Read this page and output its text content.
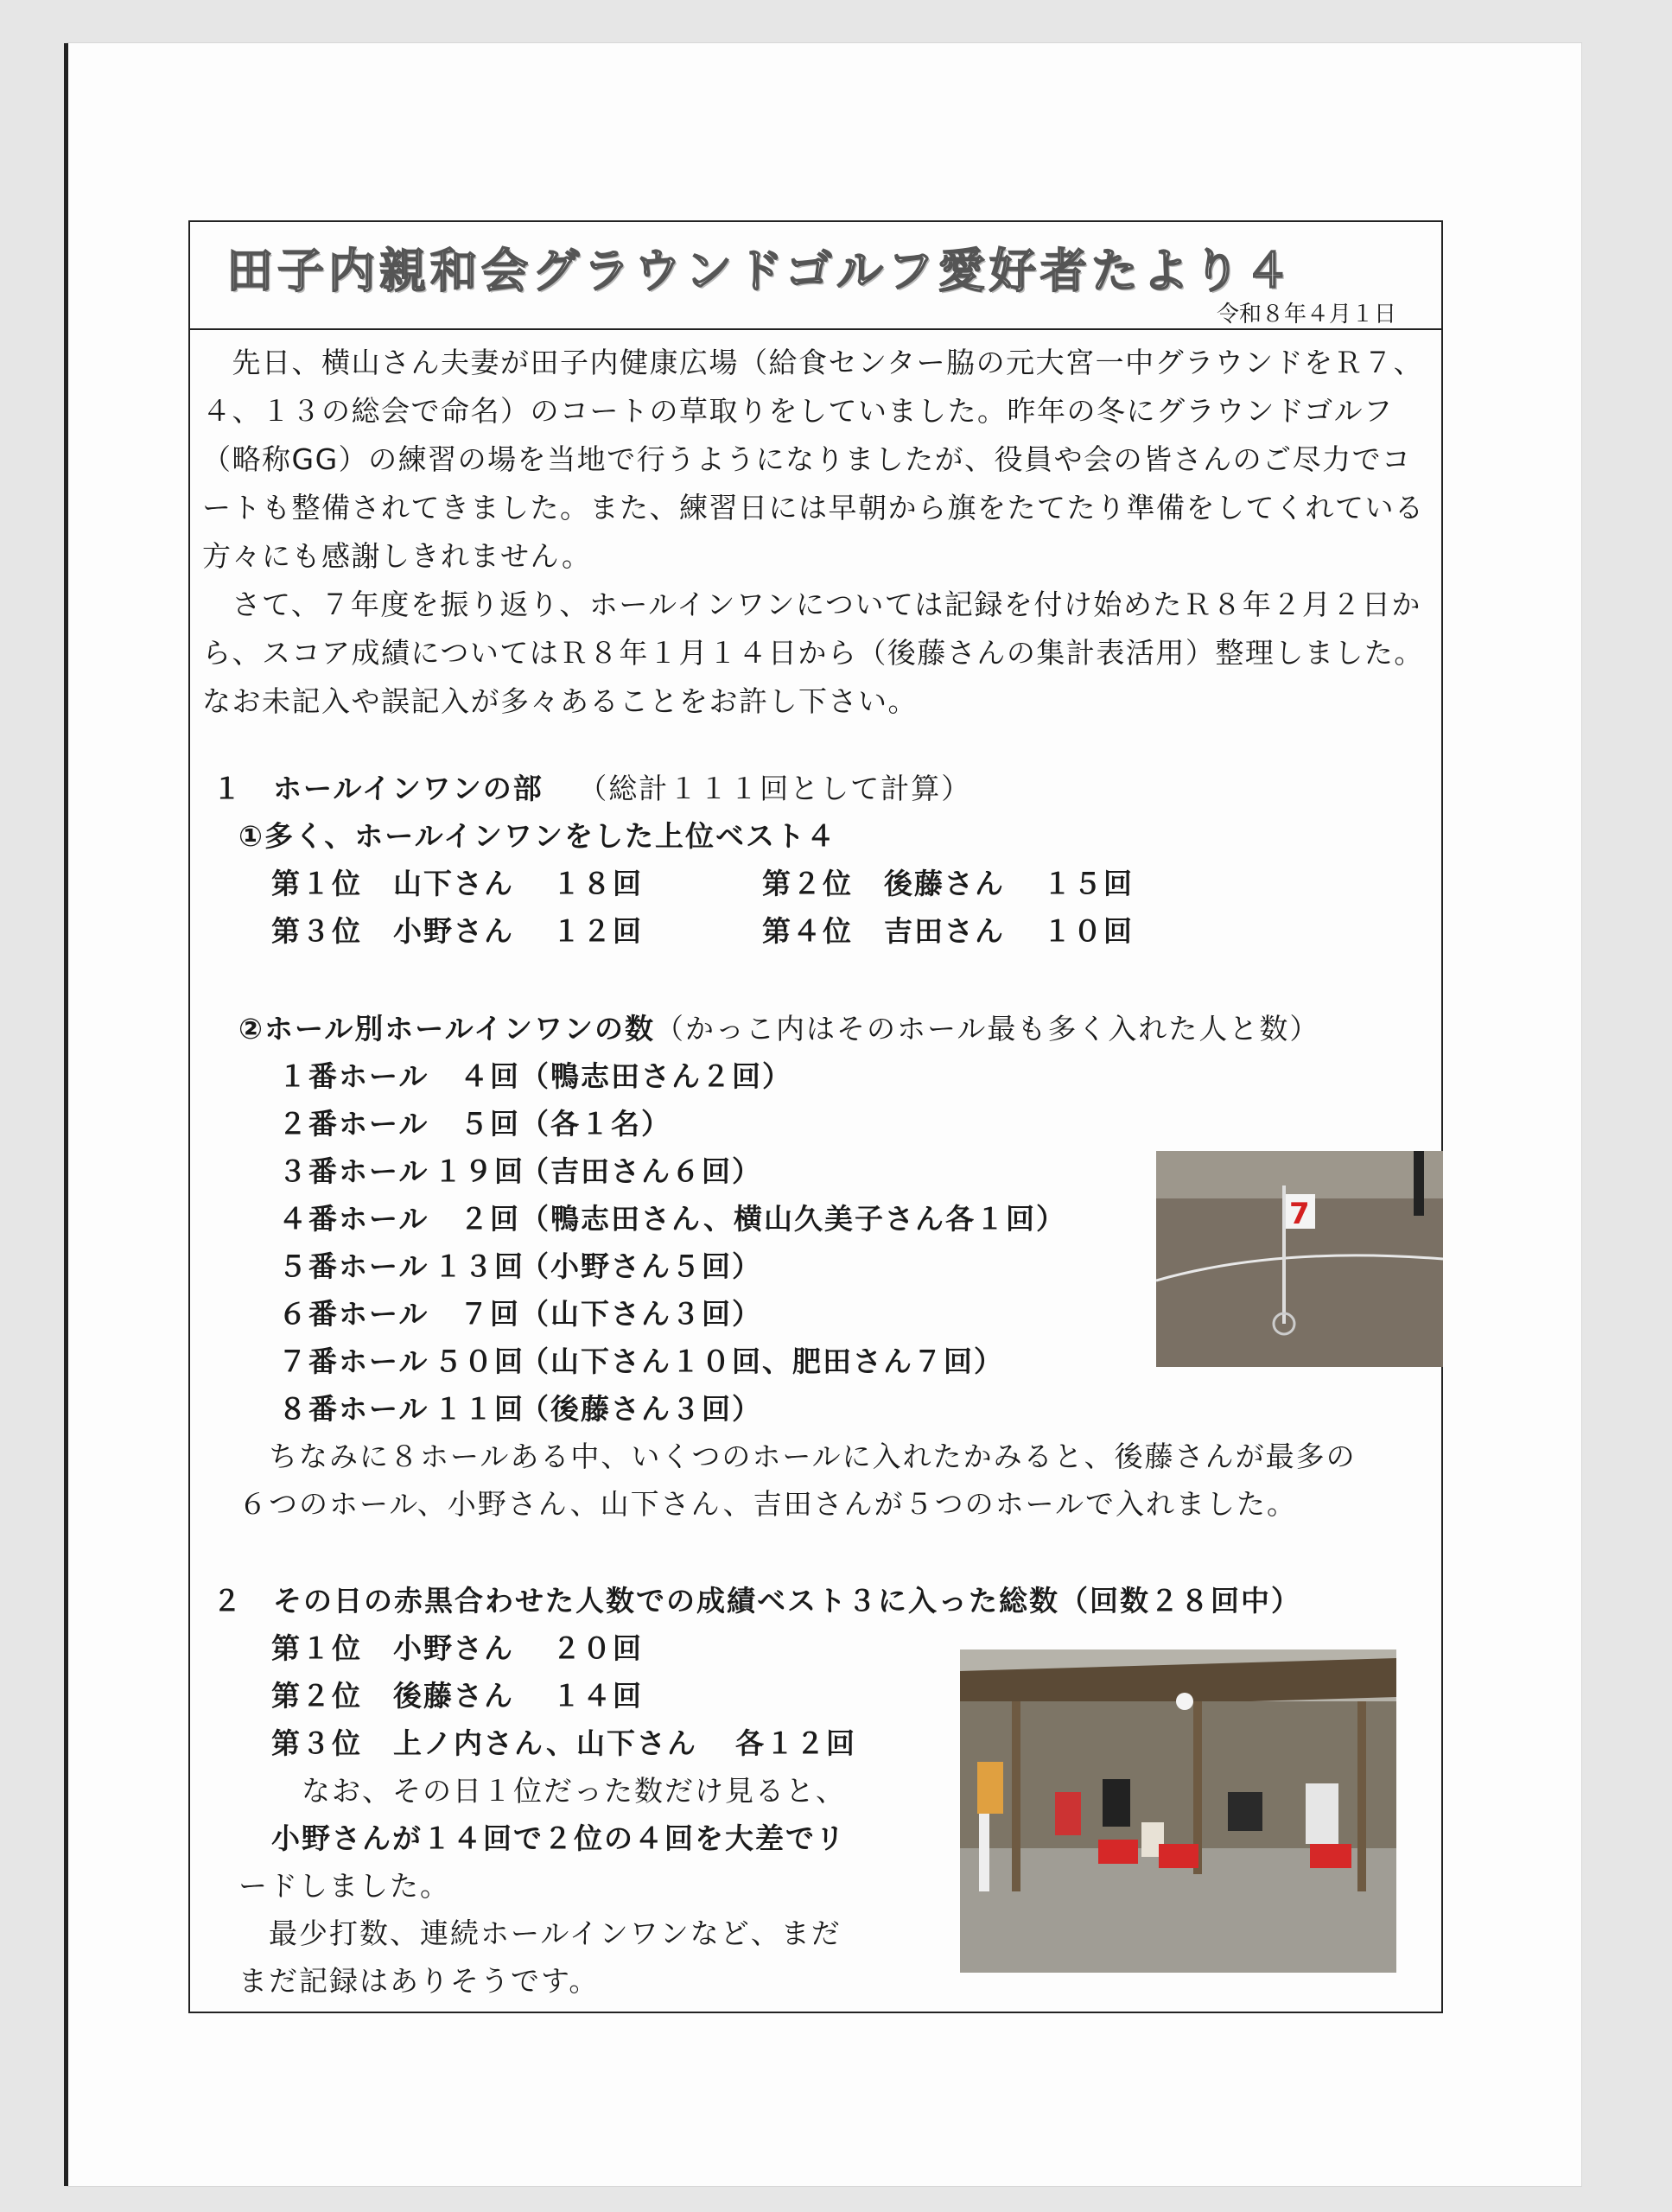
田子内親和会グラウンドゴルフ愛好者たより４
令和８年４月１日

　先日、横山さん夫妻が田子内健康広場（給食センター脇の元大宮一中グラウンドをＲ７、４、１３の総会で命名）のコートの草取りをしていました。昨年の冬にグラウンドゴルフ（略称GG）の練習の場を当地で行うようになりましたが、役員や会の皆さんのご尽力でコートも整備されてきました。また、練習日には早朝から旗をたてたり準備をしてくれている方々にも感謝しきれません。

　さて、７年度を振り返り、ホールインワンについては記録を付け始めたＲ８年２月２日から、スコア成績についてはＲ８年１月１４日から（後藤さんの集計表活用）整理しました。なお未記入や誤記入が多々あることをお許し下さい。

１　ホールインワンの部 （総計１１１回として計算）
①多く、ホールインワンをした上位ベスト４
第１位 山下さん １８回	第２位 後藤さん １５回
第３位 小野さん １２回	第４位 吉田さん １０回
②ホール別ホールインワンの数（かっこ内はそのホール最も多く入れた人と数）
１番ホール ４回（鴨志田さん２回）
２番ホール ５回（各１名）
３番ホール １９回（吉田さん６回）
４番ホール ２回（鴨志田さん、横山久美子さん各１回）
５番ホール １３回（小野さん５回）
６番ホール ７回（山下さん３回）
７番ホール ５０回（山下さん１０回、肥田さん７回）
８番ホール １１回（後藤さん３回）
　ちなみに８ホールある中、いくつのホールに入れたかみると、後藤さんが最多の
６つのホール、小野さん、山下さん、吉田さんが５つのホールで入れました。
7
２　その日の赤黒合わせた人数での成績ベスト３に入った総数（回数２８回中）
第１位 小野さん ２０回
第２位 後藤さん １４回
第３位 上ノ内さん、山下さん 各１２回
　なお、その日１位だった数だけ見ると、
小野さんが１４回で２位の４回を大差でリ
ードしました。
　最少打数、連続ホールインワンなど、まだ
まだ記録はありそうです。
